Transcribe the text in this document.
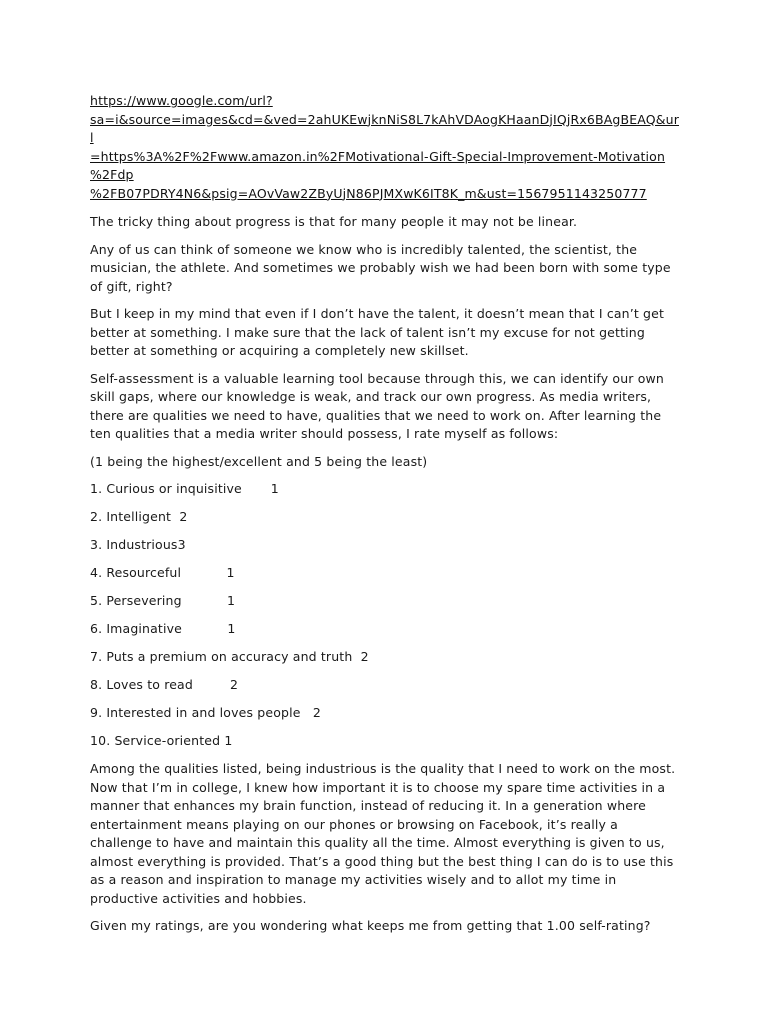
https://www.google.com/url?
sa=i&source=images&cd=&ved=2ahUKEwjknNiS8L7kAhVDAogKHaanDjIQjRx6BAgBEAQ&url
=https%3A%2F%2Fwww.amazon.in%2FMotivational-Gift-Special-Improvement-Motivation
%2Fdp
%2FB07PDRY4N6&psig=AOvVaw2ZByUjN86PJMXwK6IT8K_m&ust=1567951143250777

The tricky thing about progress is that for many people it may not be linear.

Any of us can think of someone we know who is incredibly talented, the scientist, the musician, the athlete. And sometimes we probably wish we had been born with some type of gift, right?

But I keep in my mind that even if I don’t have the talent, it doesn’t mean that I can’t get better at something. I make sure that the lack of talent isn’t my excuse for not getting better at something or acquiring a completely new skillset.

Self-assessment is a valuable learning tool because through this, we can identify our own skill gaps, where our knowledge is weak, and track our own progress. As media writers, there are qualities we need to have, qualities that we need to work on. After learning the ten qualities that a media writer should possess, I rate myself as follows:

(1 being the highest/excellent and 5 being the least)

1. Curious or inquisitive       1
2. Intelligent  2
3. Industrious3
4. Resourceful           1
5. Persevering           1
6. Imaginative           1
7. Puts a premium on accuracy and truth  2
8. Loves to read         2
9. Interested in and loves people   2
10. Service-oriented 1

Among the qualities listed, being industrious is the quality that I need to work on the most. Now that I’m in college, I knew how important it is to choose my spare time activities in a manner that enhances my brain function, instead of reducing it. In a generation where entertainment means playing on our phones or browsing on Facebook, it’s really a challenge to have and maintain this quality all the time. Almost everything is given to us, almost everything is provided. That’s a good thing but the best thing I can do is to use this as a reason and inspiration to manage my activities wisely and to allot my time in productive activities and hobbies.

Given my ratings, are you wondering what keeps me from getting that 1.00 self-rating?
